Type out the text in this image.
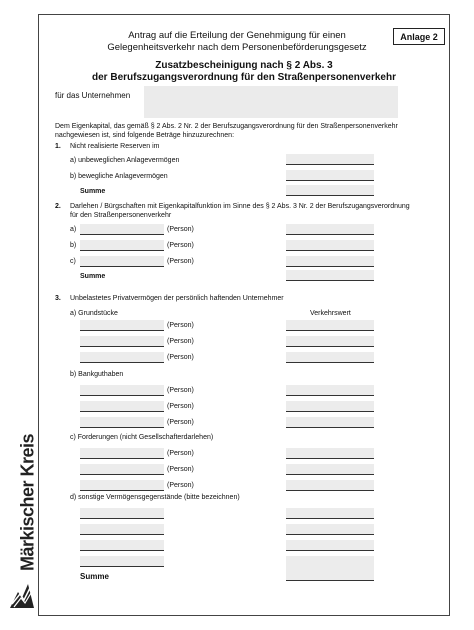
Märkischer Kreis
Antrag auf die Erteilung der Genehmigung für einen
Gelegenheitsverkehr nach dem Personenbeförderungsgesetz
Anlage 2
Zusatzbescheinigung nach § 2 Abs. 3
der Berufszugangsverordnung für den Straßenpersonenverkehr
für das Unternehmen
Dem Eigenkapital, das gemäß § 2 Abs. 2 Nr. 2 der Berufszugangsverordnung für den Straßenpersonenverkehr
nachgewiesen ist, sind folgende Beträge hinzuzurechnen:
1. Nicht realisierte Reserven im
a) unbeweglichen Anlagevermögen
b) bewegliche Anlagevermögen
Summe
2. Darlehen / Bürgschaften mit Eigenkapitalfunktion im Sinne des § 2 Abs. 3 Nr. 2 der Berufszugangsverordnung
für den Straßenpersonenverkehr
a)	(Person)
b)	(Person)
c)	(Person)
Summe
3. Unbelastetes Privatvermögen der persönlich haftenden Unternehmer
a) Grundstücke	Verkehrswert
(Person)
(Person)
(Person)
b) Bankguthaben
(Person)
(Person)
(Person)
c) Forderungen (nicht Gesellschafterdarlehen)
(Person)
(Person)
(Person)
d) sonstige Vermögensgegenstände (bitte bezeichnen)
Summe
